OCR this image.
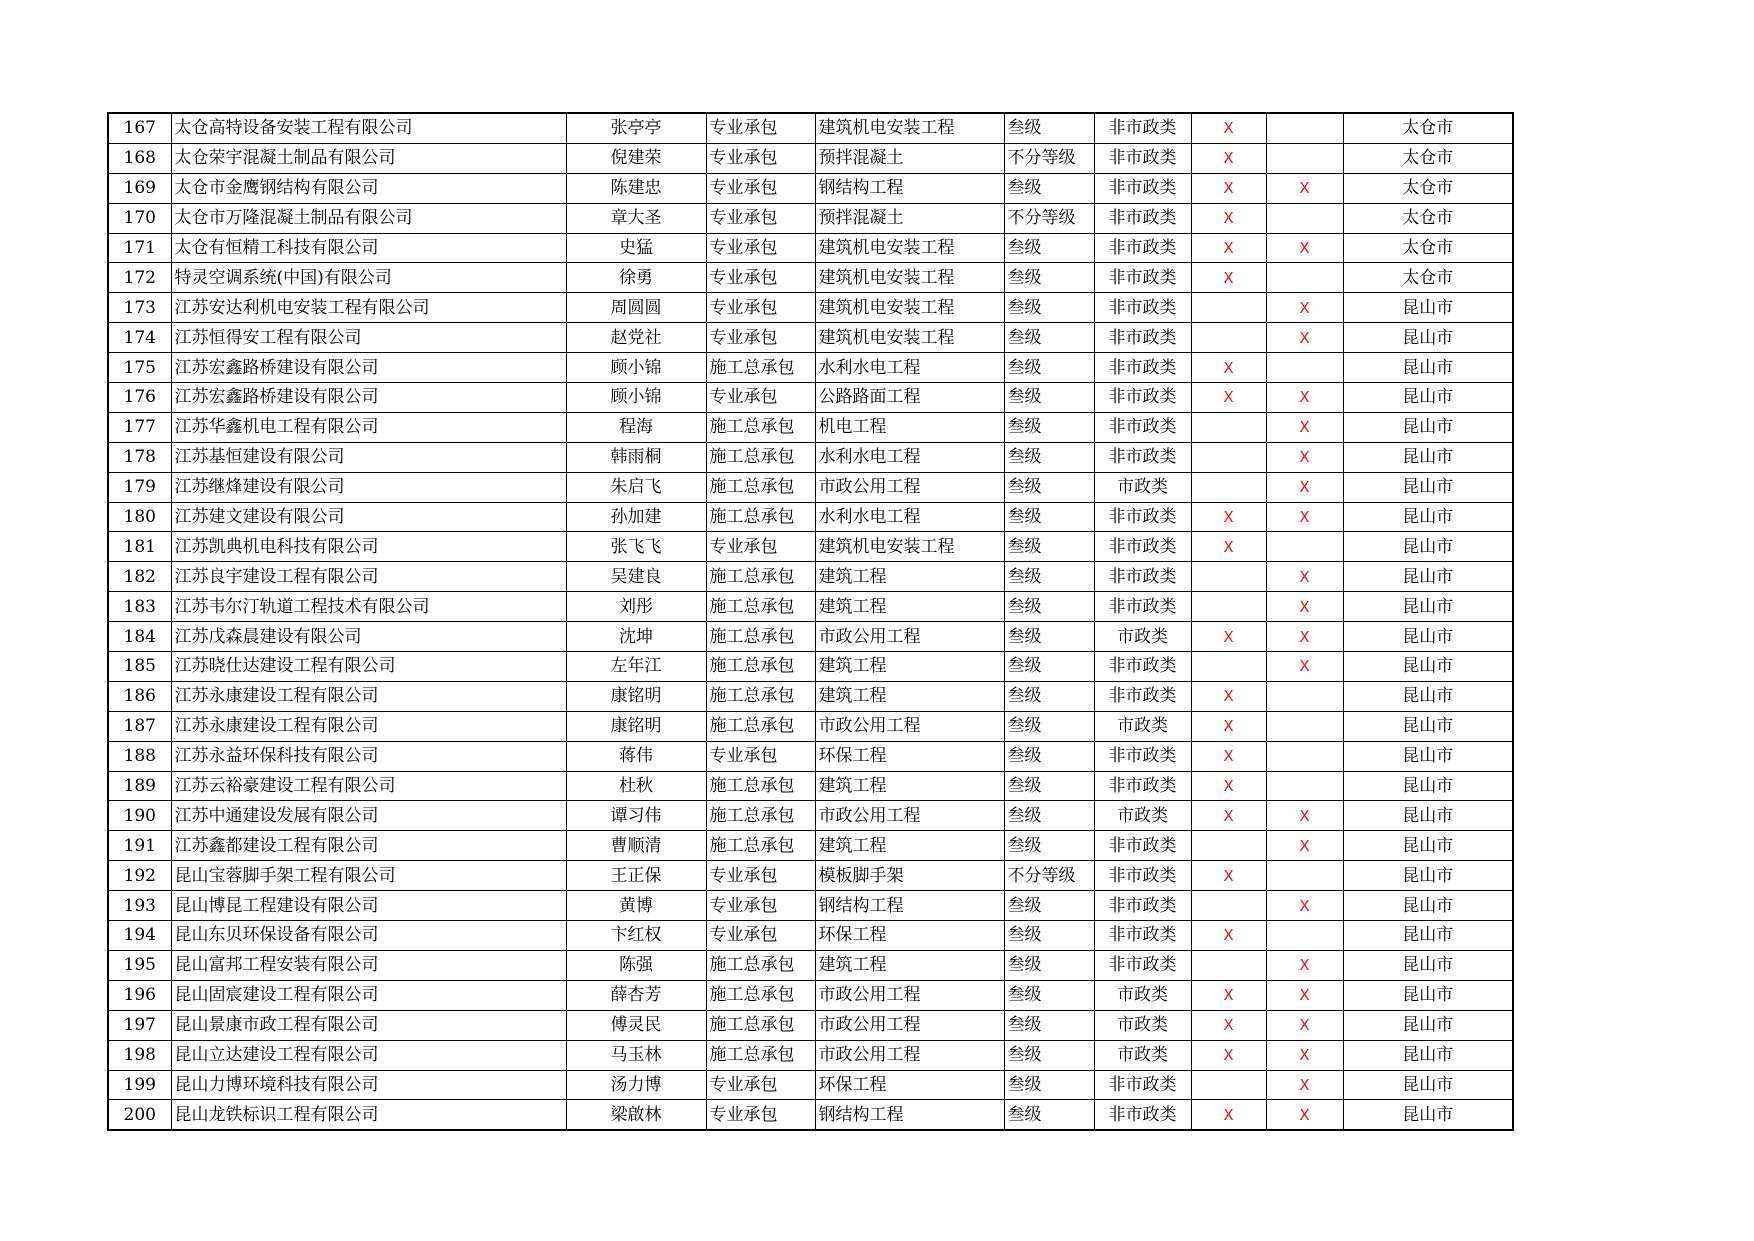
167	太仓高特设备安装工程有限公司	张亭亭	专业承包	建筑机电安装工程	叁级	非市政类	X		太仓市
168	太仓荣宇混凝土制品有限公司	倪建荣	专业承包	预拌混凝土	不分等级	非市政类	X		太仓市
169	太仓市金鹰钢结构有限公司	陈建忠	专业承包	钢结构工程	叁级	非市政类	X	X	太仓市
170	太仓市万隆混凝土制品有限公司	章大圣	专业承包	预拌混凝土	不分等级	非市政类	X		太仓市
171	太仓有恒精工科技有限公司	史猛	专业承包	建筑机电安装工程	叁级	非市政类	X	X	太仓市
172	特灵空调系统(中国)有限公司	徐勇	专业承包	建筑机电安装工程	叁级	非市政类	X		太仓市
173	江苏安达利机电安装工程有限公司	周圆圆	专业承包	建筑机电安装工程	叁级	非市政类		X	昆山市
174	江苏恒得安工程有限公司	赵党社	专业承包	建筑机电安装工程	叁级	非市政类		X	昆山市
175	江苏宏鑫路桥建设有限公司	顾小锦	施工总承包	水利水电工程	叁级	非市政类	X		昆山市
176	江苏宏鑫路桥建设有限公司	顾小锦	专业承包	公路路面工程	叁级	非市政类	X	X	昆山市
177	江苏华鑫机电工程有限公司	程海	施工总承包	机电工程	叁级	非市政类		X	昆山市
178	江苏基恒建设有限公司	韩雨桐	施工总承包	水利水电工程	叁级	非市政类		X	昆山市
179	江苏继烽建设有限公司	朱启飞	施工总承包	市政公用工程	叁级	市政类		X	昆山市
180	江苏建文建设有限公司	孙加建	施工总承包	水利水电工程	叁级	非市政类	X	X	昆山市
181	江苏凯典机电科技有限公司	张飞飞	专业承包	建筑机电安装工程	叁级	非市政类	X		昆山市
182	江苏良宇建设工程有限公司	吴建良	施工总承包	建筑工程	叁级	非市政类		X	昆山市
183	江苏韦尔汀轨道工程技术有限公司	刘彤	施工总承包	建筑工程	叁级	非市政类		X	昆山市
184	江苏戊森晨建设有限公司	沈坤	施工总承包	市政公用工程	叁级	市政类	X	X	昆山市
185	江苏晓仕达建设工程有限公司	左年江	施工总承包	建筑工程	叁级	非市政类		X	昆山市
186	江苏永康建设工程有限公司	康铭明	施工总承包	建筑工程	叁级	非市政类	X		昆山市
187	江苏永康建设工程有限公司	康铭明	施工总承包	市政公用工程	叁级	市政类	X		昆山市
188	江苏永益环保科技有限公司	蒋伟	专业承包	环保工程	叁级	非市政类	X		昆山市
189	江苏云裕豪建设工程有限公司	杜秋	施工总承包	建筑工程	叁级	非市政类	X		昆山市
190	江苏中通建设发展有限公司	谭习伟	施工总承包	市政公用工程	叁级	市政类	X	X	昆山市
191	江苏鑫都建设工程有限公司	曹顺清	施工总承包	建筑工程	叁级	非市政类		X	昆山市
192	昆山宝蓉脚手架工程有限公司	王正保	专业承包	模板脚手架	不分等级	非市政类	X		昆山市
193	昆山博昆工程建设有限公司	黄博	专业承包	钢结构工程	叁级	非市政类		X	昆山市
194	昆山东贝环保设备有限公司	卞红权	专业承包	环保工程	叁级	非市政类	X		昆山市
195	昆山富邦工程安装有限公司	陈强	施工总承包	建筑工程	叁级	非市政类		X	昆山市
196	昆山固宸建设工程有限公司	薛杏芳	施工总承包	市政公用工程	叁级	市政类	X	X	昆山市
197	昆山景康市政工程有限公司	傅灵民	施工总承包	市政公用工程	叁级	市政类	X	X	昆山市
198	昆山立达建设工程有限公司	马玉林	施工总承包	市政公用工程	叁级	市政类	X	X	昆山市
199	昆山力博环境科技有限公司	汤力博	专业承包	环保工程	叁级	非市政类		X	昆山市
200	昆山龙铁标识工程有限公司	梁啟林	专业承包	钢结构工程	叁级	非市政类	X	X	昆山市
